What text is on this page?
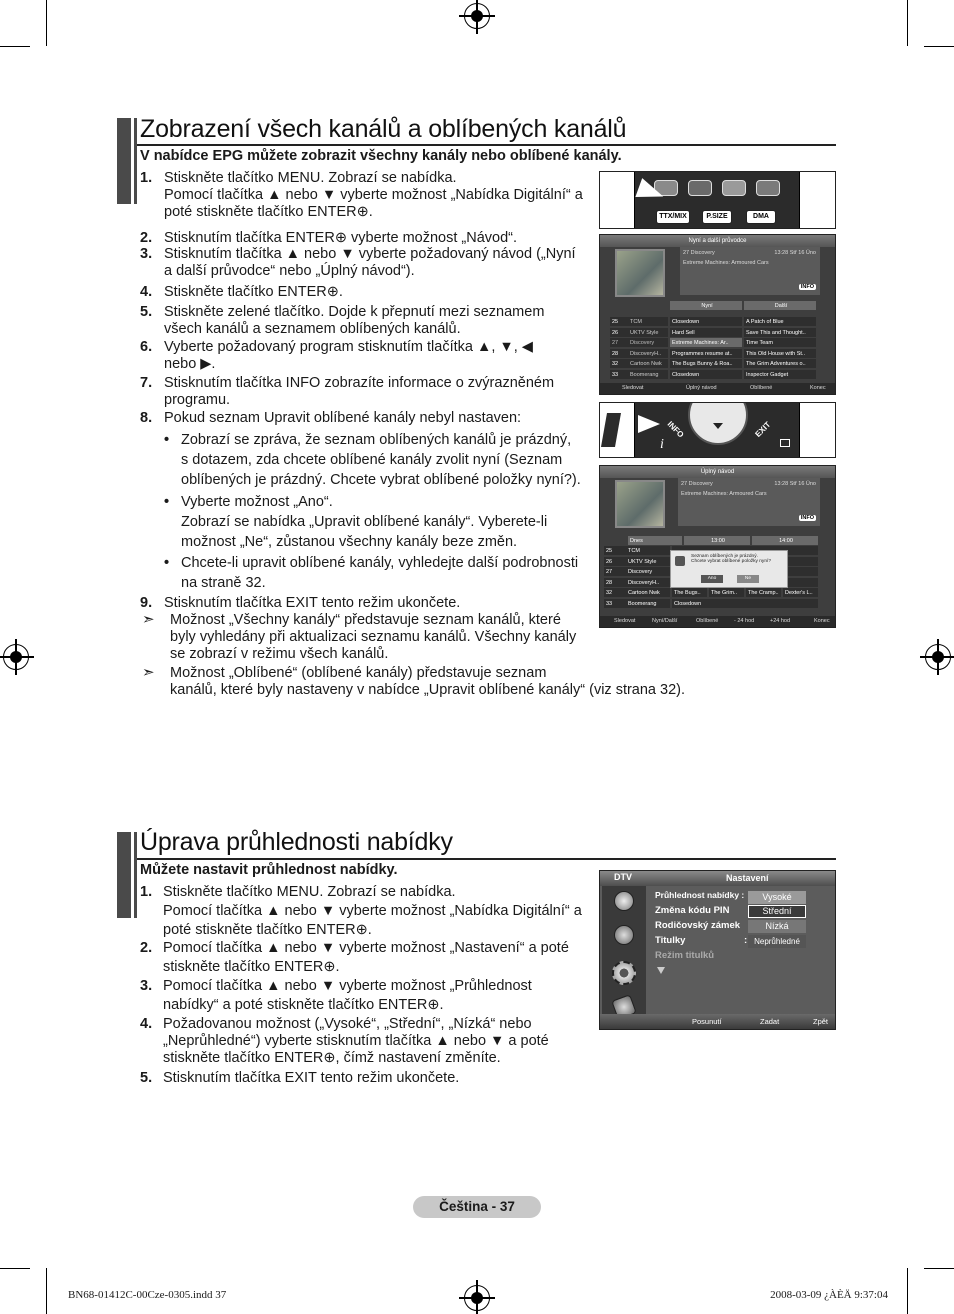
Zobrazení všech kanálů a oblíbených kanálů
V nabídce EPG můžete zobrazit všechny kanály nebo oblíbené kanály.
1. Stiskněte tlačítko MENU. Zobrazí se nabídka.
Pomocí tlačítka ▲ nebo ▼ vyberte možnost „Nabídka Digitální“ a
poté stiskněte tlačítko ENTER⊕.
2. Stisknutím tlačítka ENTER⊕ vyberte možnost „Návod“.
3. Stisknutím tlačítka ▲ nebo ▼ vyberte požadovaný návod („Nyní
a další průvodce“ nebo „Úplný návod“).
4. Stiskněte tlačítko ENTER⊕.
5. Stiskněte zelené tlačítko. Dojde k přepnutí mezi seznamem
všech kanálů a seznamem oblíbených kanálů.
6. Vyberte požadovaný program stisknutím tlačítka ▲, ▼, ◀
nebo ▶.
7. Stisknutím tlačítka INFO zobrazíte informace o zvýrazněném
programu.
8. Pokud seznam Upravit oblíbené kanály nebyl nastaven:
• Zobrazí se zpráva, že seznam oblíbených kanálů je prázdný,
s dotazem, zda chcete oblíbené kanály zvolit nyní (Seznam
oblíbených je prázdný. Chcete vybrat oblíbené položky nyní?).
• Vyberte možnost „Ano“.
Zobrazí se nabídka „Upravit oblíbené kanály“. Vyberete-li
možnost „Ne“, zůstanou všechny kanály beze změn.
• Chcete-li upravit oblíbené kanály, vyhledejte další podrobnosti
na straně 32.
9. Stisknutím tlačítka EXIT tento režim ukončete.
➣ Možnost „Všechny kanály“ představuje seznam kanálů, které
byly vyhledány při aktualizaci seznamu kanálů. Všechny kanály
se zobrazí v režimu všech kanálů.
➣ Možnost „Oblíbené“ (oblíbené kanály) představuje seznam
kanálů, které byly nastaveny v nabídce „Upravit oblíbené kanály“ (viz strana 32).
TTX/MIX	P.SIZE	DMA
Nyní a další průvodce
27 Discovery
Extreme Machines: Armoured Cars
13:28 Stř 16 Úno
INFO
Nyní	Další
25	TCM	Closedown	A Patch of Blue
26	UKTV Style	Hard Sell	Save This and Thought..
27	Discovery	Extreme Machines: Ar..	Time Team
28	DiscoveryH..	Programmes resume at..	This Old House with St..
32	Cartoon Nwk	The Bugs Bunny & Roa..	The Grim Adventures o..
33	Boomerang	Closedown	Inspector Gadget
Sledovat	Úplný návod	Oblíbené	Konec
INFO	EXIT
i
Úplný návod
27 Discovery
Extreme Machines: Armoured Cars
13:28 Stř 16 Úno
INFO
Dnes	13:00	14:00
25	TCM
26	UKTV Style
27	Discovery
28	DiscoveryH..
32	Cartoon Nwk	The Bugs..	The Grim..	The Cramp..	Dexter's L..
33	Boomerang	Closedown
Seznam oblíbených je prázdný.
Chcete vybrat oblíbené položky nyní?
Ano	Ne
Sledovat	Nyní/Další	Oblíbené	- 24 hod	+24 hod	Konec
Úprava průhlednosti nabídky
Můžete nastavit průhlednost nabídky.
1. Stiskněte tlačítko MENU. Zobrazí se nabídka.
Pomocí tlačítka ▲ nebo ▼ vyberte možnost „Nabídka Digitální“ a
poté stiskněte tlačítko ENTER⊕.
2. Pomocí tlačítka ▲ nebo ▼ vyberte možnost „Nastavení“ a poté
stiskněte tlačítko ENTER⊕.
3. Pomocí tlačítka ▲ nebo ▼ vyberte možnost „Průhlednost
nabídky“ a poté stiskněte tlačítko ENTER⊕.
4. Požadovanou možnost („Vysoké“, „Střední“, „Nízká“ nebo
„Neprůhledné“) vyberte stisknutím tlačítka ▲ nebo ▼ a poté
stiskněte tlačítko ENTER⊕, čímž nastavení změníte.
5. Stisknutím tlačítka EXIT tento režim ukončete.
DTV	Nastavení
Průhlednost nabídky :
Změna kódu PIN
Rodičovský zámek
Titulky	:
Režim titulků
Vysoké
Střední
Nízká
Neprůhledné
Posunutí	Zadat	Zpět
Čeština - 37
BN68-01412C-00Cze-0305.indd 37	2008-03-09 ¿ÀÈÄ 9:37:04
